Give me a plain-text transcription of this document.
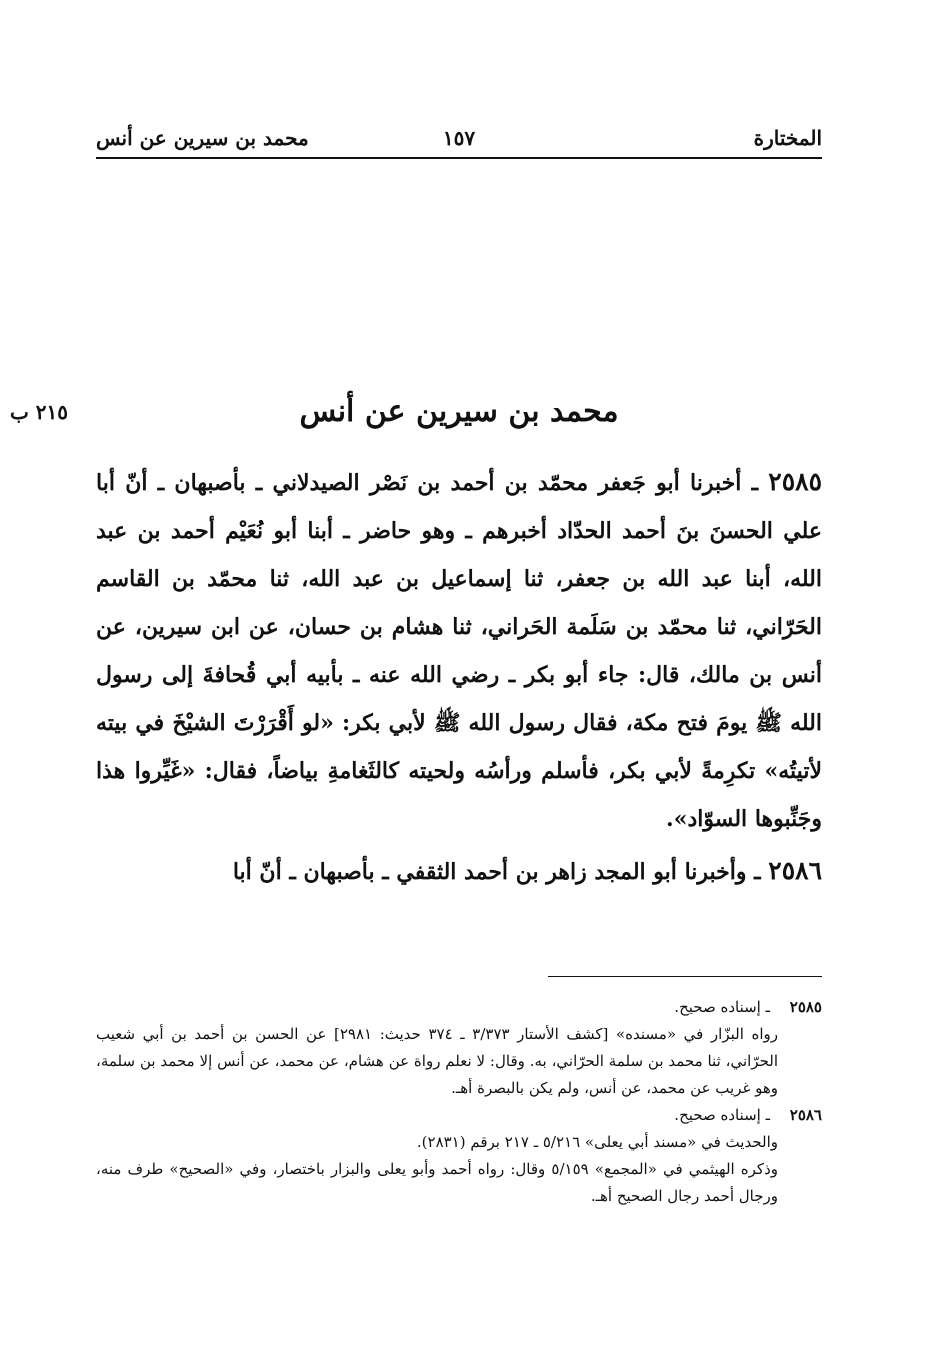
المختارة
١٥٧
محمد بن سيرين عن أنس
٢١٥ ب	محمد بن سيرين عن أنس

٢٥٨٥ ـ أخبرنا أبو جَعفر محمّد بن أحمد بن نَصْر الصيدلاني ـ بأصبهان ـ أنّ أبا علي الحسنَ بنَ أحمد الحدّاد أخبرهم ـ وهو حاضر ـ أبنا أبو نُعَيْم أحمد بن عبد الله، أبنا عبد الله بن جعفر، ثنا إسماعيل بن عبد الله، ثنا محمّد بن القاسم الحَرّاني، ثنا محمّد بن سَلَمة الحَراني، ثنا هشام بن حسان، عن ابن سيرين، عن أنس بن مالك، قال: جاء أبو بكر ـ رضي الله عنه ـ بأبيه أبي قُحافةَ إلى رسول الله ﷺ يومَ فتح مكة، فقال رسول الله ﷺ لأبي بكر: «لو أَقْرَرْتَ الشيْخَ في بيته لأتيتُه» تكرِمةً لأبي بكر، فأسلم ورأسُه ولحيته كالثَغامةِ بياضاً، فقال: «غَيِّروا هذا وجَنِّبوها السوّاد».

٢٥٨٦ ـ وأخبرنا أبو المجد زاهر بن أحمد الثقفي ـ بأصبهان ـ أنّ أبا

٢٥٨٥
ـ إسناده صحيح.

رواه البزّار في «مسنده» [كشف الأستار ٣/٣٧٣ ـ ٣٧٤ حديث: ٢٩٨١] عن الحسن بن أحمد بن أبي شعيب الحرّاني، ثنا محمد بن سلمة الحرّاني، به. وقال: لا نعلم رواة عن هشام، عن محمد، عن أنس إلا محمد بن سلمة، وهو غريب عن محمد، عن أنس، ولم يكن بالبصرة أهـ.

٢٥٨٦
ـ إسناده صحيح.

والحديث في «مسند أبي يعلى» ٥/٢١٦ ـ ٢١٧ برقم (٢٨٣١).

وذكره الهيثمي في «المجمع» ٥/١٥٩ وقال: رواه أحمد وأبو يعلى والبزار باختصار، وفي «الصحيح» طرف منه، ورجال أحمد رجال الصحيح أهـ.
